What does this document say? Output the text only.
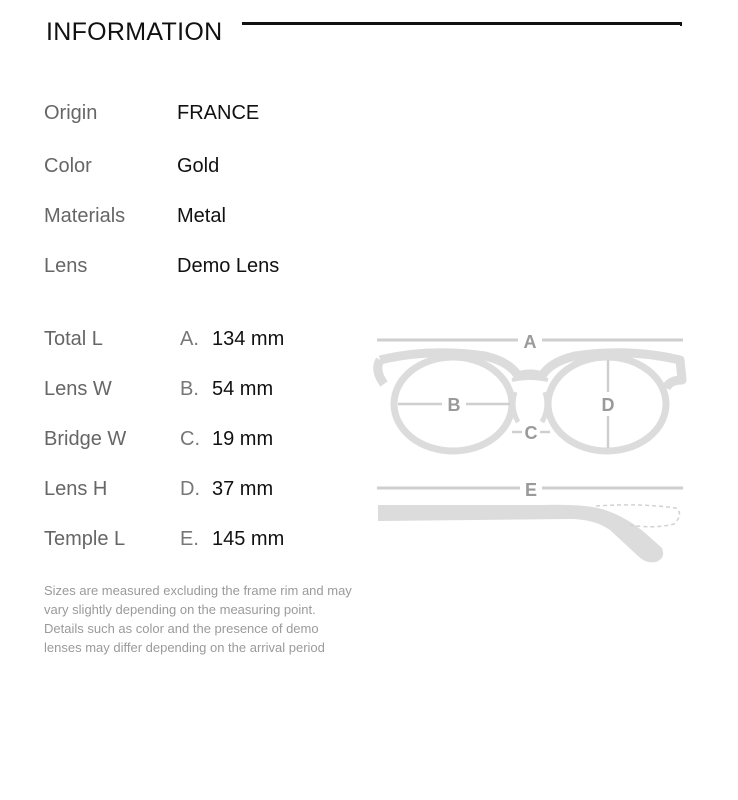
INFORMATION
Origin	FRANCE
Color	Gold
Materials	Metal
Lens	Demo Lens
Total L	A. 134 mm
Lens W	B. 54 mm
Bridge W	C. 19 mm
Lens H	D. 37 mm
Temple L	E. 145 mm
Sizes are measured excluding the frame rim and may
vary slightly depending on the measuring point.
Details such as color and the presence of demo
lenses may differ depending on the arrival period
A
B
C
D
E
